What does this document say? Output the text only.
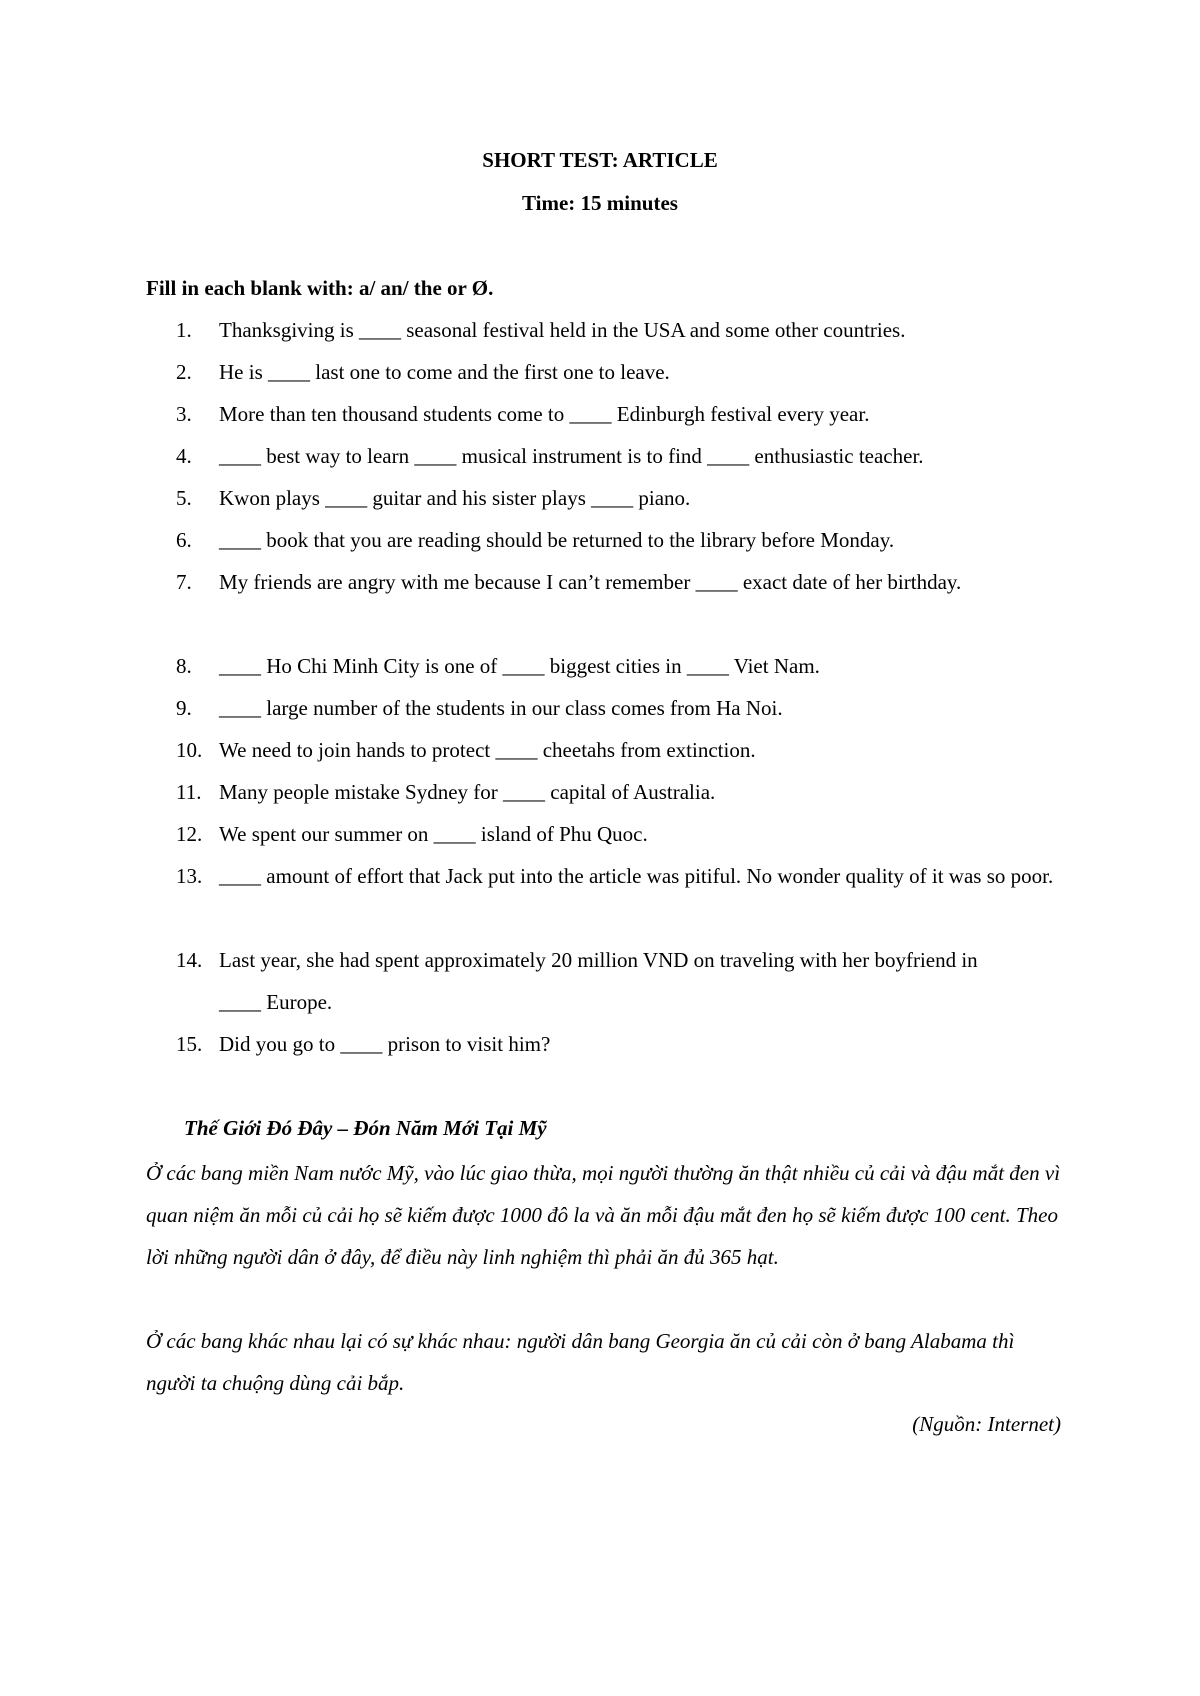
SHORT TEST: ARTICLE
Time: 15 minutes
Fill in each blank with: a/ an/ the or Ø.
1.	Thanksgiving is ____ seasonal festival held in the USA and some other countries.
2.	He is ____ last one to come and the first one to leave.
3.	More than ten thousand students come to ____ Edinburgh festival every year.
4.	____ best way to learn ____ musical instrument is to find ____ enthusiastic teacher.
5.	Kwon plays ____ guitar and his sister plays ____ piano.
6.	____ book that you are reading should be returned to the library before Monday.
7.	My friends are angry with me because I can’t remember ____ exact date of her birthday.
8.	____ Ho Chi Minh City is one of ____ biggest cities in ____ Viet Nam.
9.	____ large number of the students in our class comes from Ha Noi.
10. We need to join hands to protect ____ cheetahs from extinction.
11. Many people mistake Sydney for ____ capital of Australia.
12. We spent our summer on ____ island of Phu Quoc.
13. ____ amount of effort that Jack put into the article was pitiful. No wonder quality of it was so poor.
14. Last year, she had spent approximately 20 million VND on traveling with her boyfriend in ____ Europe.
15. Did you go to ____ prison to visit him?
Thế Giới Đó Đây – Đón Năm Mới Tại Mỹ
Ở các bang miền Nam nước Mỹ, vào lúc giao thừa, mọi người thường ăn thật nhiều củ cải và đậu mắt đen vì quan niệm ăn mỗi củ cải họ sẽ kiếm được 1000 đô la và ăn mỗi đậu mắt đen họ sẽ kiếm được 100 cent. Theo lời những người dân ở đây, để điều này linh nghiệm thì phải ăn đủ 365 hạt.
Ở các bang khác nhau lại có sự khác nhau: người dân bang Georgia ăn củ cải còn ở bang Alabama thì người ta chuộng dùng cải bắp.
(Nguồn: Internet)
